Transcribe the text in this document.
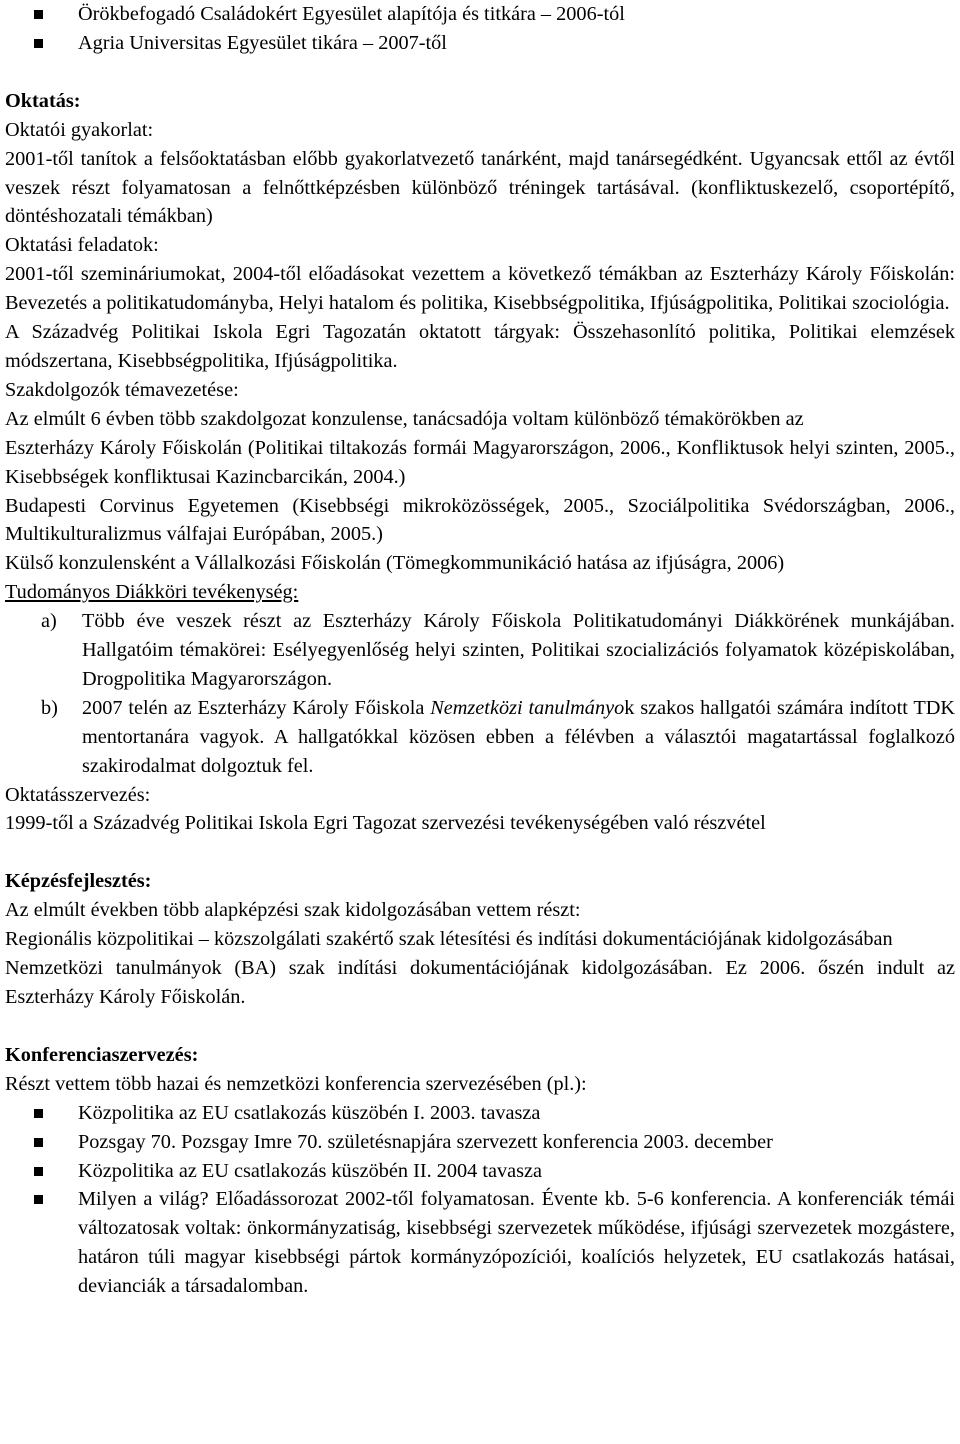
Örökbefogadó Családokért Egyesület alapítója és titkára – 2006-tól
Agria Universitas Egyesület tikára – 2007-től

Oktatás:

Oktatói gyakorlat:

2001-től tanítok a felsőoktatásban előbb gyakorlatvezető tanárként, majd tanársegédként. Ugyancsak ettől az évtől veszek részt folyamatosan a felnőttképzésben különböző tréningek tartásával. (konfliktuskezelő, csoportépítő, döntéshozatali témákban)

Oktatási feladatok:

2001-től szemináriumokat, 2004-től előadásokat vezettem a következő témákban az Eszterházy Károly Főiskolán: Bevezetés a politikatudományba, Helyi hatalom és politika, Kisebbségpolitika, Ifjúságpolitika, Politikai szociológia.

A Századvég Politikai Iskola Egri Tagozatán oktatott tárgyak: Összehasonlító politika, Politikai elemzések módszertana, Kisebbségpolitika, Ifjúságpolitika.

Szakdolgozók témavezetése:

Az elmúlt 6 évben több szakdolgozat konzulense, tanácsadója voltam különböző témakörökben az

Eszterházy Károly Főiskolán (Politikai tiltakozás formái Magyarországon, 2006., Konfliktusok helyi szinten, 2005., Kisebbségek konfliktusai Kazincbarcikán, 2004.)

Budapesti Corvinus Egyetemen (Kisebbségi mikroközösségek, 2005., Szociálpolitika Svédországban, 2006., Multikulturalizmus válfajai Európában, 2005.)

Külső konzulensként a Vállalkozási Főiskolán (Tömegkommunikáció hatása az ifjúságra, 2006)

Tudományos Diákköri tevékenység:

a) Több éve veszek részt az Eszterházy Károly Főiskola Politikatudományi Diákkörének munkájában. Hallgatóim témakörei: Esélyegyenlőség helyi szinten, Politikai szocializációs folyamatok középiskolában, Drogpolitika Magyarországon.
b) 2007 telén az Eszterházy Károly Főiskola Nemzetközi tanulmányok szakos hallgatói számára indított TDK mentortanára vagyok. A hallgatókkal közösen ebben a félévben a választói magatartással foglalkozó szakirodalmat dolgoztuk fel.

Oktatásszervezés:

1999-től a Századvég Politikai Iskola Egri Tagozat szervezési tevékenységében való részvétel

Képzésfejlesztés:

Az elmúlt években több alapképzési szak kidolgozásában vettem részt:

Regionális közpolitikai – közszolgálati szakértő szak létesítési és indítási dokumentációjának kidolgozásában

Nemzetközi tanulmányok (BA) szak indítási dokumentációjának kidolgozásában. Ez 2006. őszén indult az Eszterházy Károly Főiskolán.

Konferenciaszervezés:

Részt vettem több hazai és nemzetközi konferencia szervezésében (pl.):

Közpolitika az EU csatlakozás küszöbén I. 2003. tavasza
Pozsgay 70. Pozsgay Imre 70. születésnapjára szervezett konferencia 2003. december
Közpolitika az EU csatlakozás küszöbén II. 2004 tavasza
Milyen a világ? Előadássorozat 2002-től folyamatosan. Évente kb. 5-6 konferencia. A konferenciák témái változatosak voltak: önkormányzatiság, kisebbségi szervezetek működése, ifjúsági szervezetek mozgástere, határon túli magyar kisebbségi pártok kormányzópozíciói, koalíciós helyzetek, EU csatlakozás hatásai, devianciák a társadalomban.
